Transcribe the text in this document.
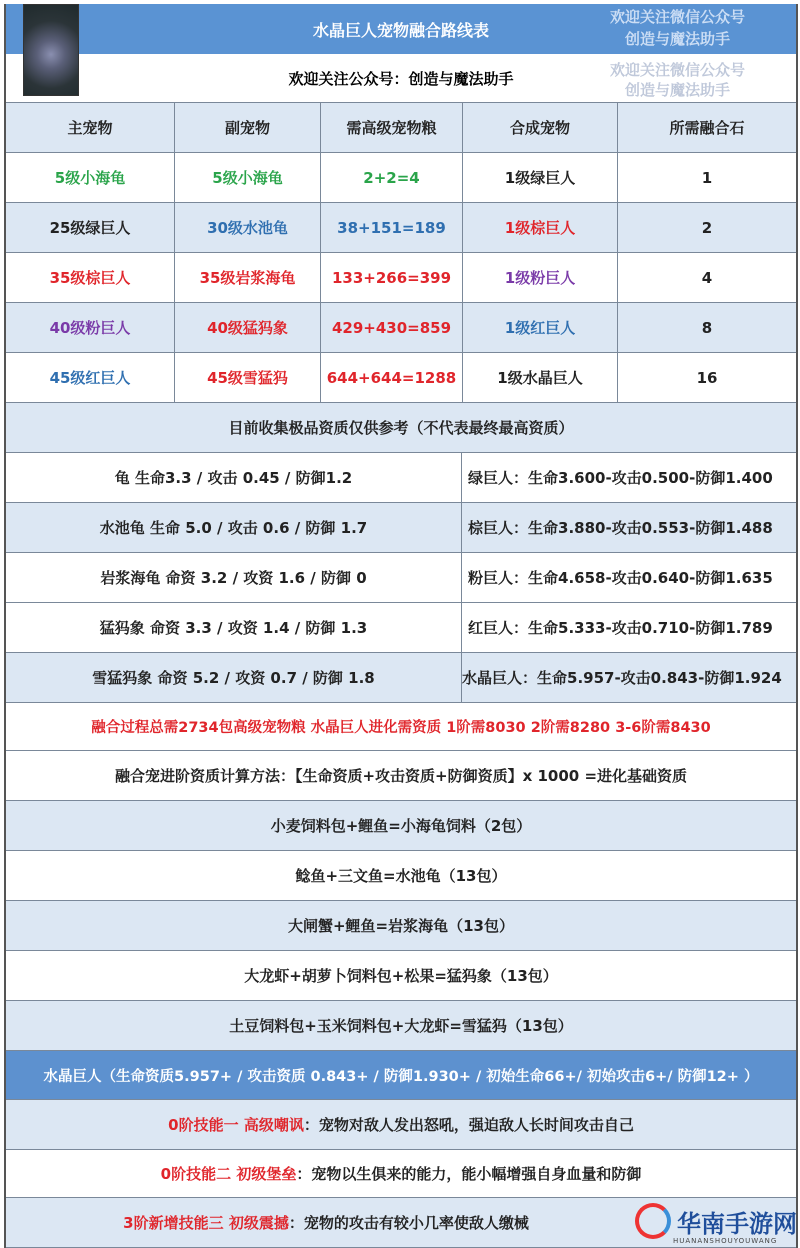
水晶巨人宠物融合路线表
欢迎关注公众号：创造与魔法助手
主宠物	副宠物	需高级宠物粮	合成宠物	所需融合石
5级小海龟	5级小海龟	2+2=4	1级绿巨人	1
25级绿巨人	30级水池龟	38+151=189	1级棕巨人	2
35级棕巨人	35级岩浆海龟	133+266=399	1级粉巨人	4
40级粉巨人	40级猛犸象	429+430=859	1级红巨人	8
45级红巨人	45级雪猛犸	644+644=1288	1级水晶巨人	16
目前收集极品资质仅供参考（不代表最终最高资质）
龟 生命3.3 / 攻击 0.45 / 防御1.2	绿巨人：生命3.600-攻击0.500-防御1.400
水池龟 生命 5.0 / 攻击 0.6 / 防御 1.7	棕巨人：生命3.880-攻击0.553-防御1.488
岩浆海龟 命资 3.2 / 攻资 1.6 / 防御 0	粉巨人：生命4.658-攻击0.640-防御1.635
猛犸象 命资 3.3 / 攻资 1.4 / 防御 1.3	红巨人：生命5.333-攻击0.710-防御1.789
雪猛犸象 命资 5.2 / 攻资 0.7 / 防御 1.8	水晶巨人：生命5.957-攻击0.843-防御1.924
融合过程总需2734包高级宠物粮 水晶巨人进化需资质 1阶需8030 2阶需8280 3-6阶需8430
融合宠进阶资质计算方法：【生命资质+攻击资质+防御资质】x 1000 =进化基础资质
小麦饲料包+鲤鱼=小海龟饲料（2包）
鲶鱼+三文鱼=水池龟（13包）
大闸蟹+鲤鱼=岩浆海龟（13包）
大龙虾+胡萝卜饲料包+松果=猛犸象（13包）
土豆饲料包+玉米饲料包+大龙虾=雪猛犸（13包）
水晶巨人（生命资质5.957+ / 攻击资质 0.843+ / 防御1.930+ / 初始生命66+/ 初始攻击6+/ 防御12+ ）
0阶技能一 高级嘲讽 ：宠物对敌人发出怒吼，强迫敌人长时间攻击自己
0阶技能二 初级堡垒 ：宠物以生俱来的能力，能小幅增强自身血量和防御
3阶新增技能三 初级震撼 ：宠物的攻击有较小几率使敌人缴械
欢迎关注微信公众号
创造与魔法助手
欢迎关注微信公众号
创造与魔法助手
华南手游网
HUANANSHOUYOUWANG
